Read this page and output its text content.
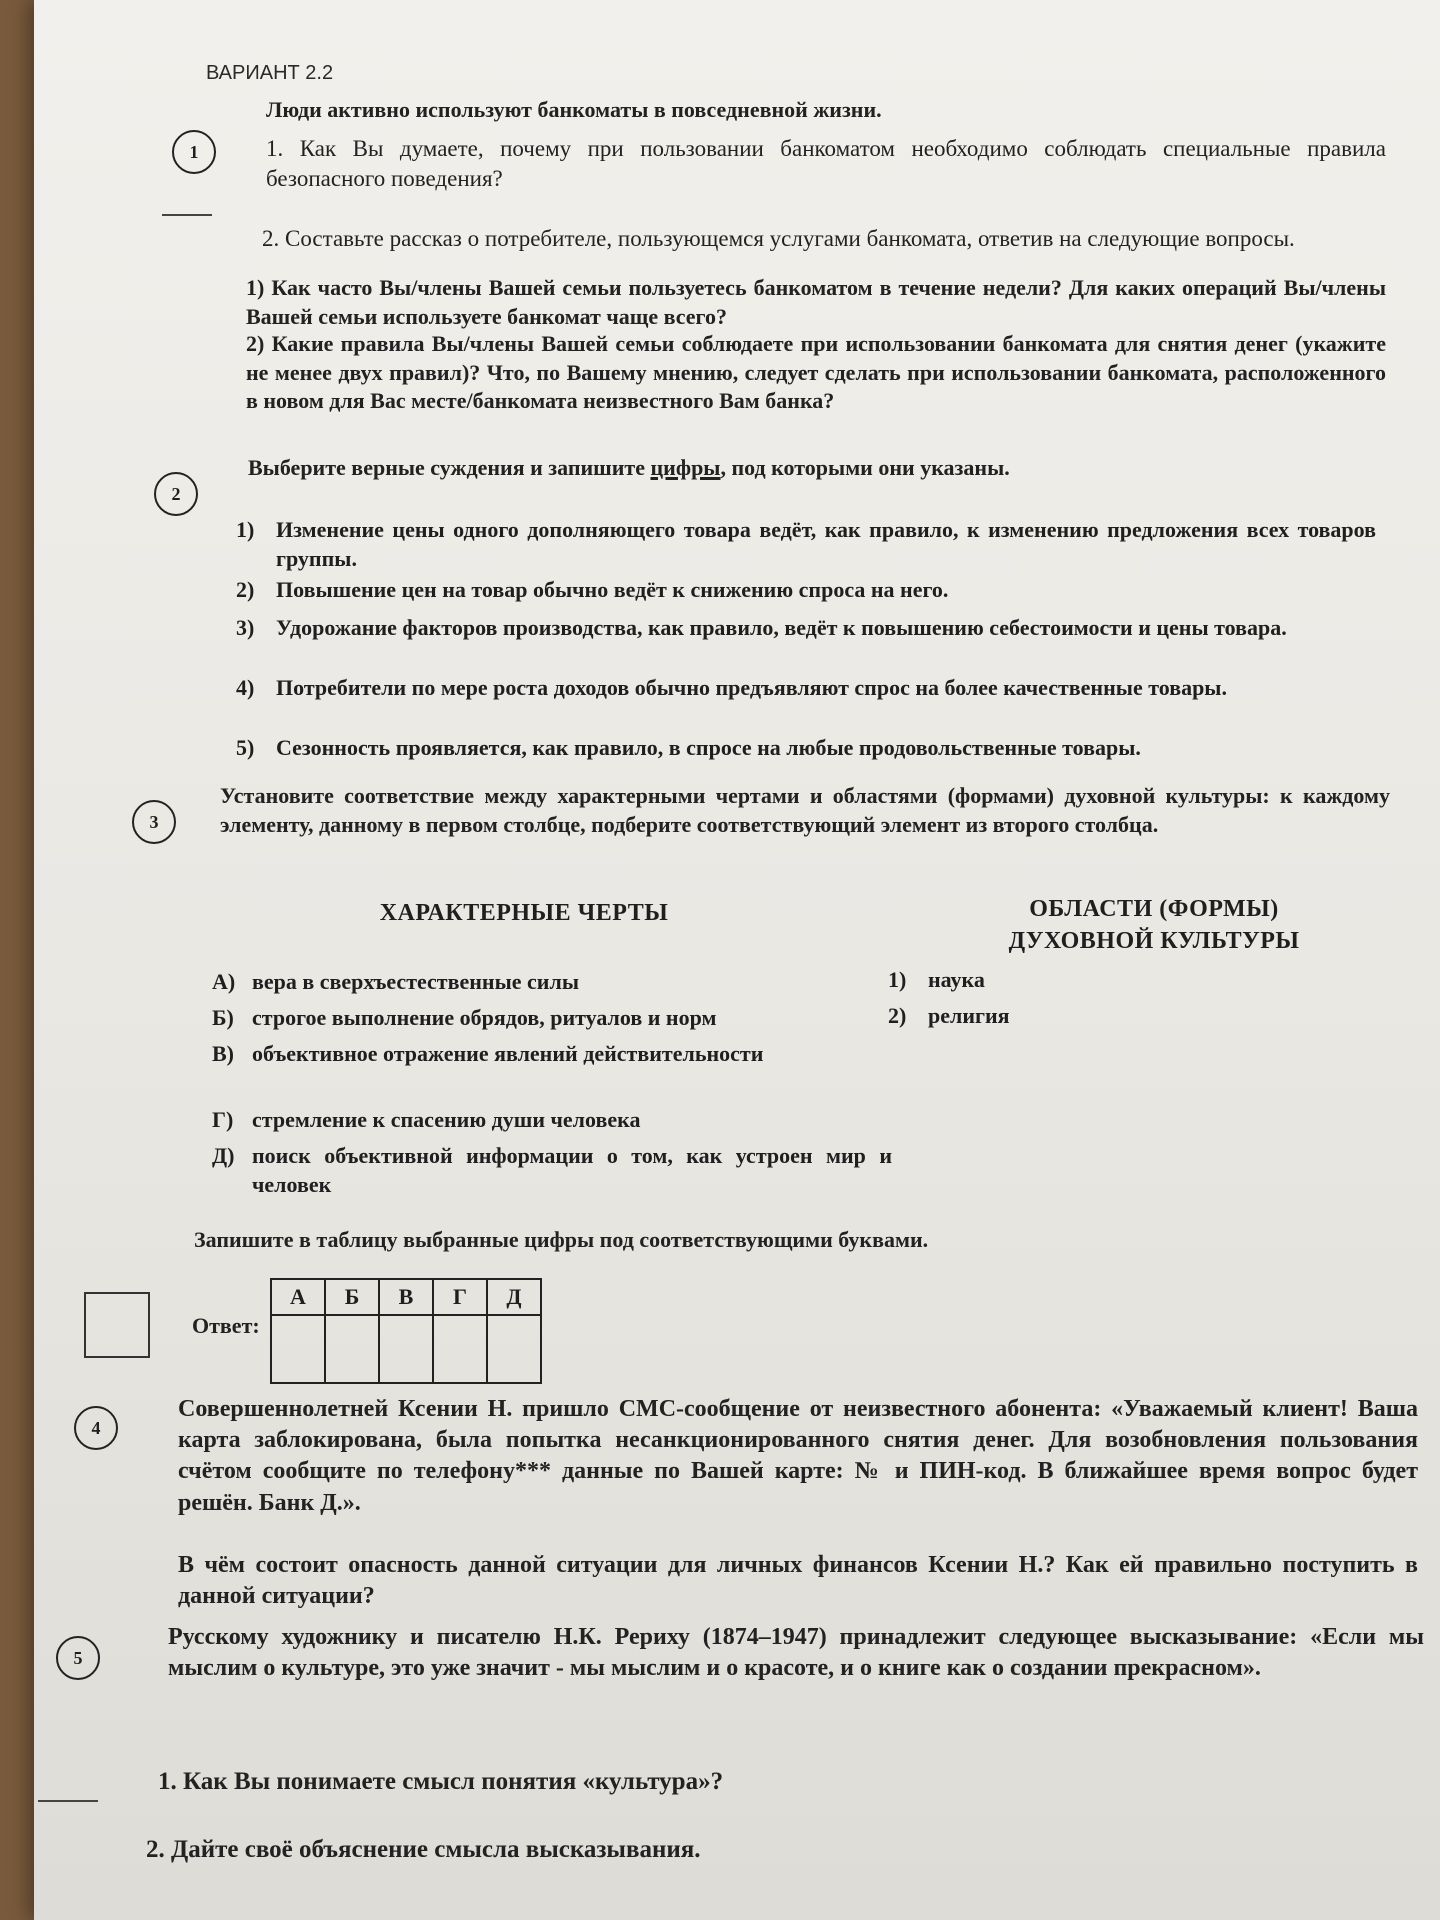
ВАРИАНТ 2.2
1
Люди активно используют банкоматы в повседневной жизни.
1. Как Вы думаете, почему при пользовании банкоматом необходимо соблюдать специальные правила безопасного поведения?
2. Составьте рассказ о потребителе, пользующемся услугами банкомата, ответив на следующие вопросы.
1) Как часто Вы/члены Вашей семьи пользуетесь банкоматом в течение недели? Для каких операций Вы/члены Вашей семьи используете банкомат чаще всего?
2) Какие правила Вы/члены Вашей семьи соблюдаете при использовании банкомата для снятия денег (укажите не менее двух правил)? Что, по Вашему мнению, следует сделать при использовании банкомата, расположенного в новом для Вас месте/банкомата неизвестного Вам банка?
2
Выберите верные суждения и запишите цифры, под которыми они указаны.
1) Изменение цены одного дополняющего товара ведёт, как правило, к изменению предложения всех товаров группы.
2) Повышение цен на товар обычно ведёт к снижению спроса на него.
3) Удорожание факторов производства, как правило, ведёт к повышению себестоимости и цены товара.
4) Потребители по мере роста доходов обычно предъявляют спрос на более качественные товары.
5) Сезонность проявляется, как правило, в спросе на любые продовольственные товары.
3
Установите соответствие между характерными чертами и областями (формами) духовной культуры: к каждому элементу, данному в первом столбце, подберите соответствующий элемент из второго столбца.
ХАРАКТЕРНЫЕ ЧЕРТЫ	ОБЛАСТИ (ФОРМЫ)
ДУХОВНОЙ КУЛЬТУРЫ
А) вера в сверхъестественные силы
Б) строгое выполнение обрядов, ритуалов и норм
В) объективное отражение явлений действительности
Г) стремление к спасению души человека
Д) поиск объективной информации о том, как устроен мир и человек
1) наука
2) религия
Запишите в таблицу выбранные цифры под соответствующими буквами.
Ответ:
А	Б	В	Г	Д

4
Совершеннолетней Ксении Н. пришло СМС-сообщение от неизвестного абонента: «Уважаемый клиент! Ваша карта заблокирована, была попытка несанкционированного снятия денег. Для возобновления пользования счётом сообщите по телефону*** данные по Вашей карте: № и ПИН-код. В ближайшее время вопрос будет решён. Банк Д.».
В чём состоит опасность данной ситуации для личных финансов Ксении Н.? Как ей правильно поступить в данной ситуации?
5
Русскому художнику и писателю Н.К. Рериху (1874–1947) принадлежит следующее высказывание: «Если мы мыслим о культуре, это уже значит - мы мыслим и о красоте, и о книге как о создании прекрасном».
1. Как Вы понимаете смысл понятия «культура»?
2. Дайте своё объяснение смысла высказывания.
